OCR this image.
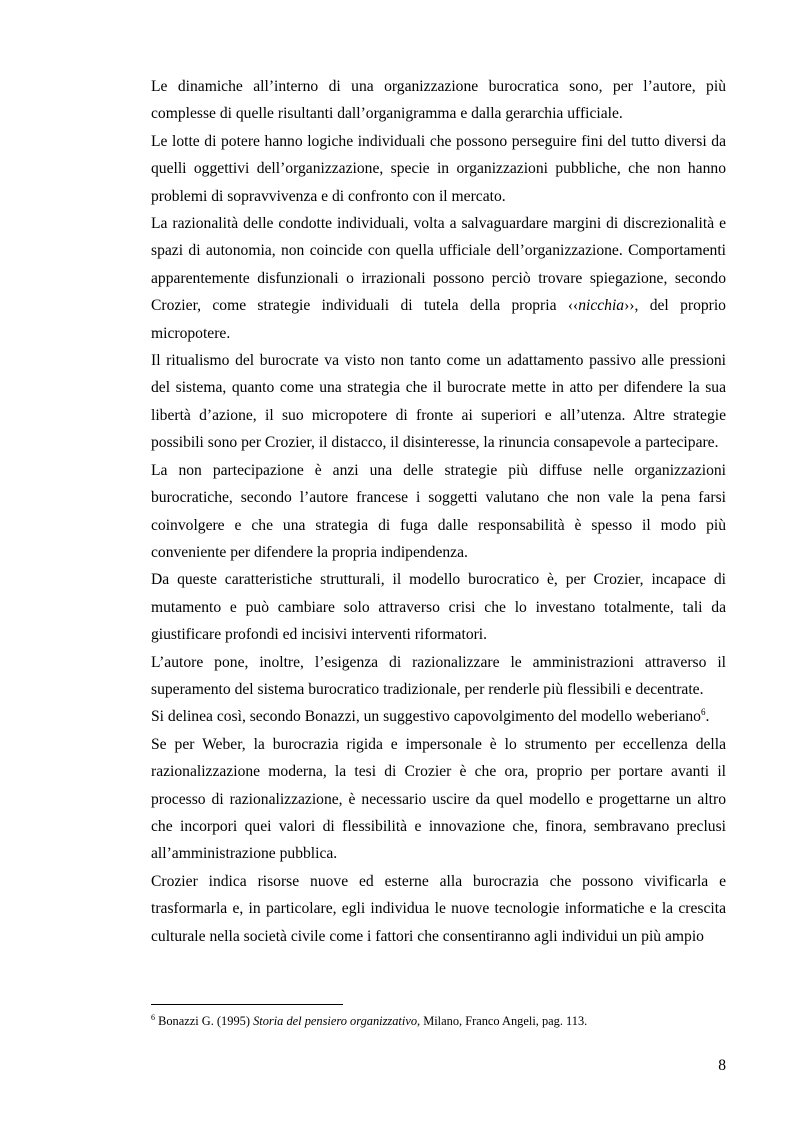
Le dinamiche all’interno di una organizzazione burocratica sono, per l’autore, più complesse di quelle risultanti dall’organigramma e dalla gerarchia ufficiale.

Le lotte di potere hanno logiche individuali che possono perseguire fini del tutto diversi da quelli oggettivi dell’organizzazione, specie in organizzazioni pubbliche, che non hanno problemi di sopravvivenza e di confronto con il mercato.

La razionalità delle condotte individuali, volta a salvaguardare margini di discrezionalità e spazi di autonomia, non coincide con quella ufficiale dell’organizzazione. Comportamenti apparentemente disfunzionali o irrazionali possono perciò trovare spiegazione, secondo Crozier, come strategie individuali di tutela della propria ‹‹nicchia››, del proprio micropotere.

Il ritualismo del burocrate va visto non tanto come un adattamento passivo alle pressioni del sistema, quanto come una strategia che il burocrate mette in atto per difendere la sua libertà d’azione, il suo micropotere di fronte ai superiori e all’utenza. Altre strategie possibili sono per Crozier, il distacco, il disinteresse, la rinuncia consapevole a partecipare.

La non partecipazione è anzi una delle strategie più diffuse nelle organizzazioni burocratiche, secondo l’autore francese i soggetti valutano che non vale la pena farsi coinvolgere e che una strategia di fuga dalle responsabilità è spesso il modo più conveniente per difendere la propria indipendenza.

Da queste caratteristiche strutturali, il modello burocratico è, per Crozier, incapace di mutamento e può cambiare solo attraverso crisi che lo investano totalmente, tali da giustificare profondi ed incisivi interventi riformatori.

L’autore pone, inoltre, l’esigenza di razionalizzare le amministrazioni attraverso il superamento del sistema burocratico tradizionale, per renderle più flessibili e decentrate.

Si delinea così, secondo Bonazzi, un suggestivo capovolgimento del modello weberiano$^6$.

Se per Weber, la burocrazia rigida e impersonale è lo strumento per eccellenza della razionalizzazione moderna, la tesi di Crozier è che ora, proprio per portare avanti il processo di razionalizzazione, è necessario uscire da quel modello e progettarne un altro che incorpori quei valori di flessibilità e innovazione che, finora, sembravano preclusi all’amministrazione pubblica.

Crozier indica risorse nuove ed esterne alla burocrazia che possono vivificarla e trasformarla e, in particolare, egli individua le nuove tecnologie informatiche e la crescita culturale nella società civile come i fattori che consentiranno agli individui un più ampio

$^6$ Bonazzi G. (1995) Storia del pensiero organizzativo, Milano, Franco Angeli, pag. 113.
8
